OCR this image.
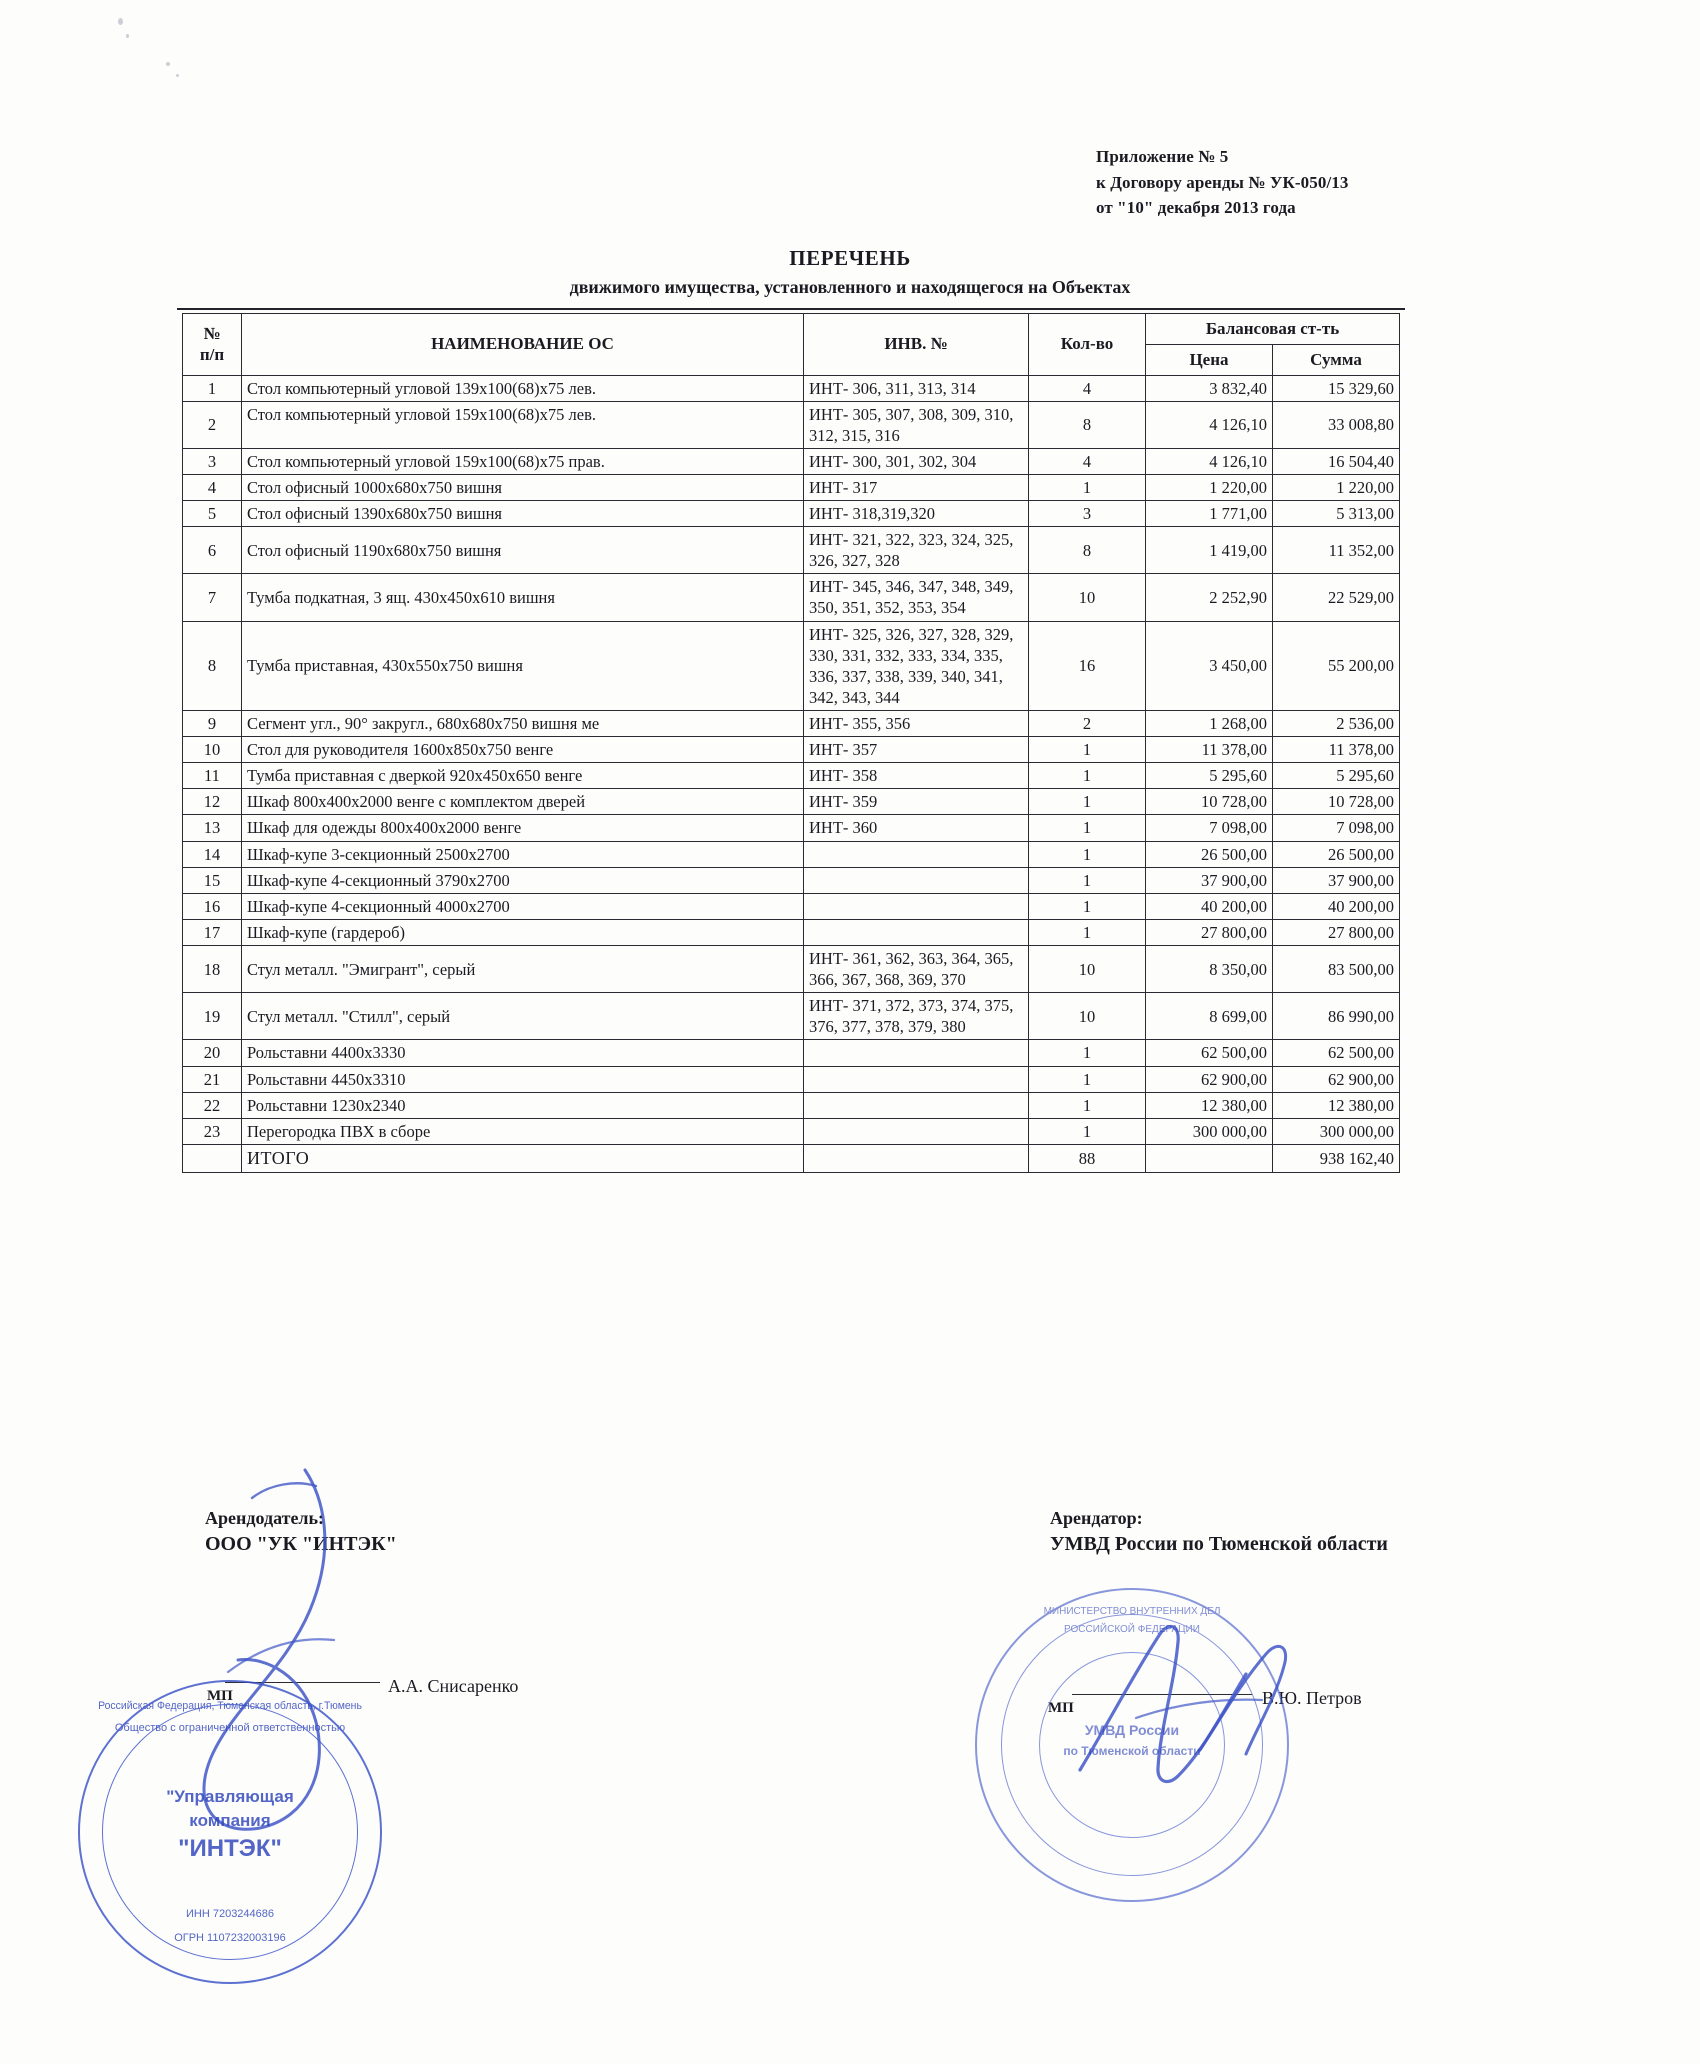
Приложение № 5
к Договору аренды № УК-050/13
от "10" декабря 2013 года
ПЕРЕЧЕНЬ
движимого имущества, установленного и находящегося на Объектах
№
п/п	НАИМЕНОВАНИЕ ОС	ИНВ. №	Кол-во	Балансовая ст-ть	
				Цена	Сумма
1	Стол компьютерный угловой 139х100(68)х75 лев.	ИНТ- 306, 311, 313, 314	4	3 832,40	15 329,60
2	Стол компьютерный угловой 159х100(68)х75 лев.	ИНТ- 305, 307, 308, 309, 310, 312, 315, 316	8	4 126,10	33 008,80
3	Стол компьютерный угловой 159х100(68)х75 прав.	ИНТ- 300, 301, 302, 304	4	4 126,10	16 504,40
4	Стол офисный 1000х680х750 вишня	ИНТ- 317	1	1 220,00	1 220,00
5	Стол офисный 1390х680х750 вишня	ИНТ- 318,319,320	3	1 771,00	5 313,00
6	Стол офисный 1190х680х750 вишня	ИНТ- 321, 322, 323, 324, 325, 326, 327, 328	8	1 419,00	11 352,00
7	Тумба подкатная, 3 ящ. 430х450х610 вишня	ИНТ- 345, 346, 347, 348, 349, 350, 351, 352, 353, 354	10	2 252,90	22 529,00
8	Тумба приставная, 430х550х750 вишня	ИНТ- 325, 326, 327, 328, 329, 330, 331, 332, 333, 334, 335, 336, 337, 338, 339, 340, 341, 342, 343, 344	16	3 450,00	55 200,00
9	Сегмент угл., 90° закругл., 680х680х750 вишня ме	ИНТ- 355, 356	2	1 268,00	2 536,00
10	Стол для руководителя 1600х850х750 венге	ИНТ- 357	1	11 378,00	11 378,00
11	Тумба приставная с дверкой 920х450х650 венге	ИНТ- 358	1	5 295,60	5 295,60
12	Шкаф 800х400х2000 венге с комплектом дверей	ИНТ- 359	1	10 728,00	10 728,00
13	Шкаф для одежды 800х400х2000 венге	ИНТ- 360	1	7 098,00	7 098,00
14	Шкаф-купе 3-секционный 2500х2700		1	26 500,00	26 500,00
15	Шкаф-купе 4-секционный 3790х2700		1	37 900,00	37 900,00
16	Шкаф-купе 4-секционный 4000х2700		1	40 200,00	40 200,00
17	Шкаф-купе (гардероб)		1	27 800,00	27 800,00
18	Стул металл. "Эмигрант", серый	ИНТ- 361, 362, 363, 364, 365, 366, 367, 368, 369, 370	10	8 350,00	83 500,00
19	Стул металл. "Стилл", серый	ИНТ- 371, 372, 373, 374, 375, 376, 377, 378, 379, 380	10	8 699,00	86 990,00
20	Рольставни 4400х3330		1	62 500,00	62 500,00
21	Рольставни 4450х3310		1	62 900,00	62 900,00
22	Рольставни 1230х2340		1	12 380,00	12 380,00
23	Перегородка ПВХ в сборе		1	300 000,00	300 000,00
	ИТОГО		88		938 162,40
Арендодатель:
ООО "УК "ИНТЭК"
Арендатор:
УМВД России по Тюменской области
МП	А.А. Снисаренко
МП	В.Ю. Петров
Российская Федерация, Тюменская область, г.Тюмень
Общество с ограниченной ответственностью
"Управляющая
компания
"ИНТЭК"
ИНН 7203244686
ОГРН 1107232003196
МИНИСТЕРСТВО ВНУТРЕННИХ ДЕЛ
РОССИЙСКОЙ ФЕДЕРАЦИИ
УМВД России
по Тюменской области
